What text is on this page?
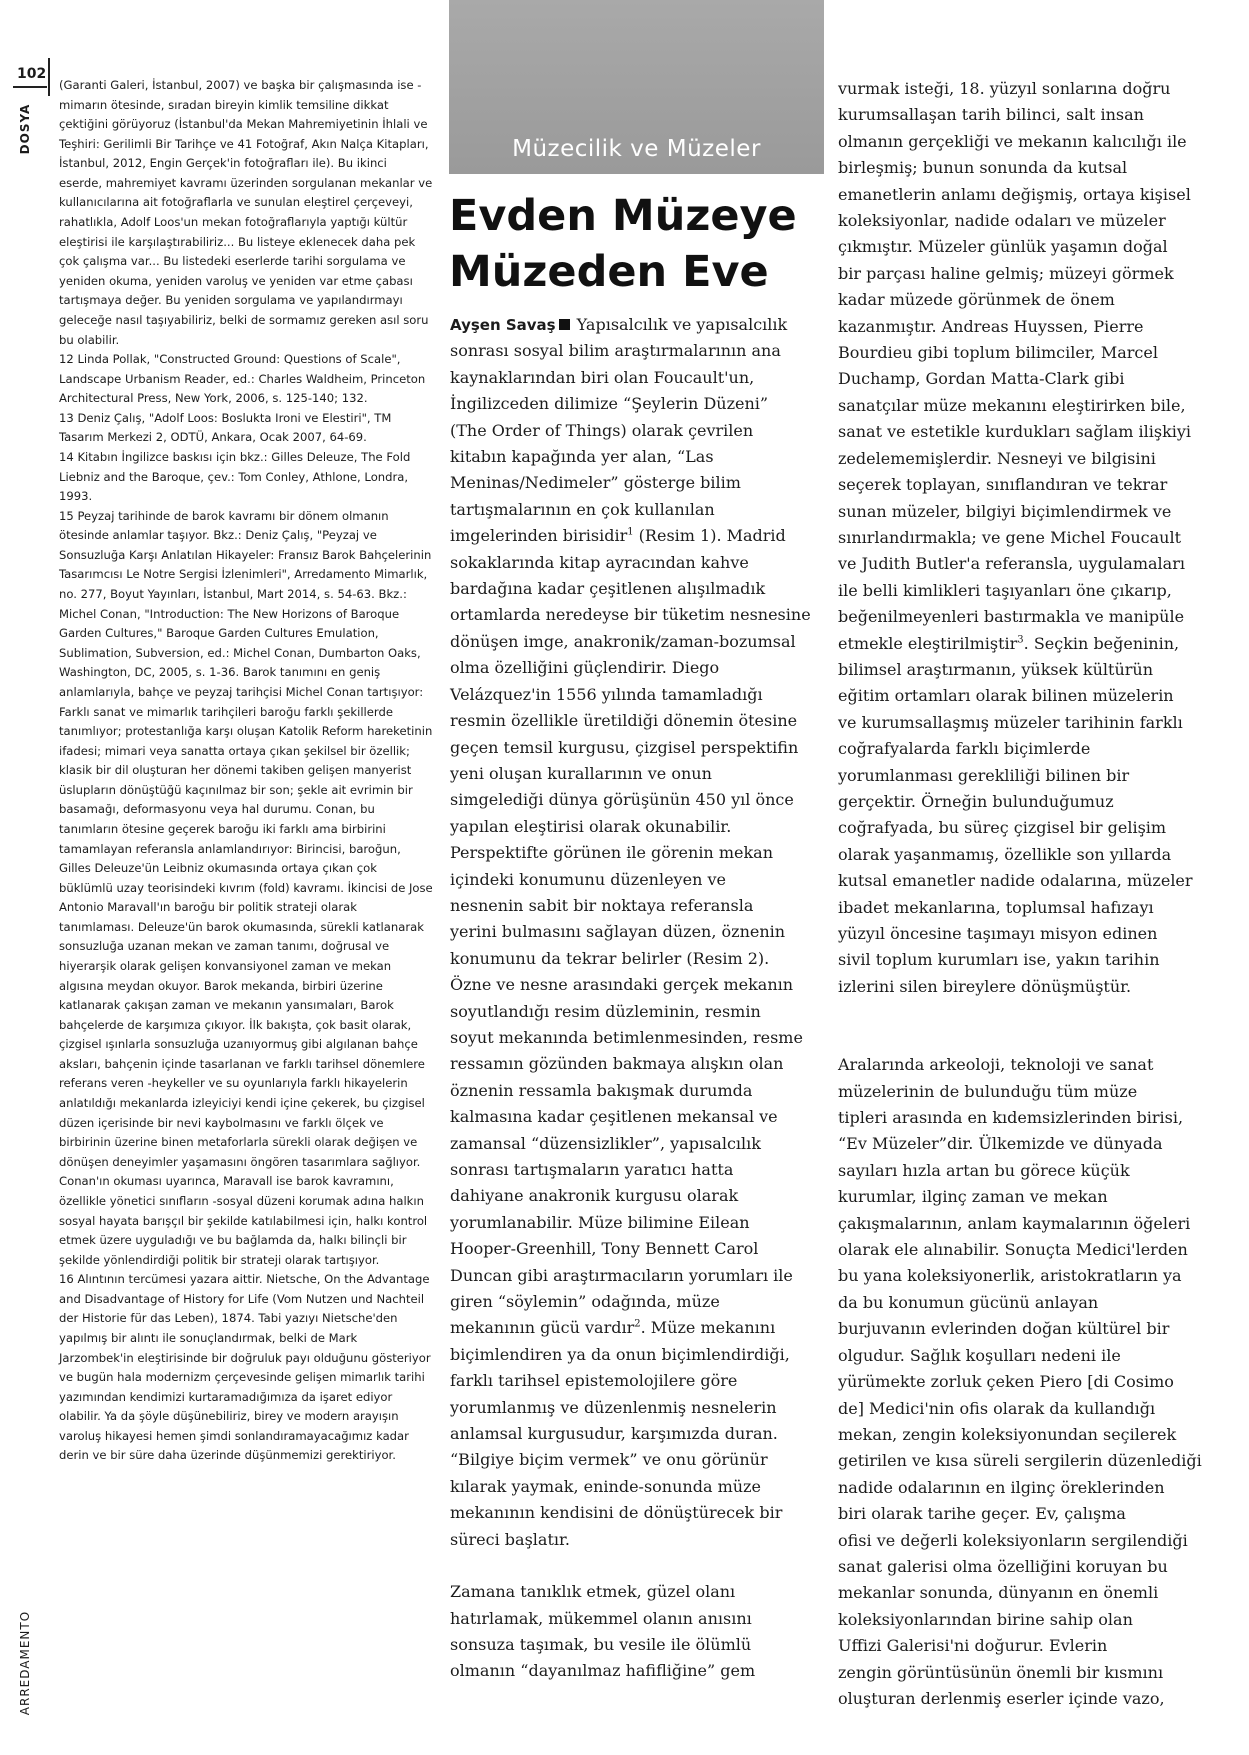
102
DOSYA
ARREDAMENTO

(Garanti Galeri, İstanbul, 2007) ve başka bir çalışmasında ise - mimarın ötesinde, sıradan bireyin kimlik temsiline dikkat çektiğini görüyoruz (İstanbul'da Mekan Mahremiyetinin İhlali ve Teşhiri: Gerilimli Bir Tarihçe ve 41 Fotoğraf, Akın Nalça Kitapları, İstanbul, 2012, Engin Gerçek'in fotoğrafları ile). Bu ikinci eserde, mahremiyet kavramı üzerinden sorgulanan mekanlar ve kullanıcılarına ait fotoğraflarla ve sunulan eleştirel çerçeveyi, rahatlıkla, Adolf Loos'un mekan fotoğraflarıyla yaptığı kültür eleştirisi ile karşılaştırabiliriz... Bu listeye eklenecek daha pek çok çalışma var... Bu listedeki eserlerde tarihi sorgulama ve yeniden okuma, yeniden varoluş ve yeniden var etme çabası tartışmaya değer. Bu yeniden sorgulama ve yapılandırmayı geleceğe nasıl taşıyabiliriz, belki de sormamız gereken asıl soru bu olabilir.

12 Linda Pollak, "Constructed Ground: Questions of Scale", Landscape Urbanism Reader, ed.: Charles Waldheim, Princeton Architectural Press, New York, 2006, s. 125-140; 132.

13 Deniz Çalış, "Adolf Loos: Boslukta Ironi ve Elestiri", TM Tasarım Merkezi 2, ODTÜ, Ankara, Ocak 2007, 64-69.

14 Kitabın İngilizce baskısı için bkz.: Gilles Deleuze, The Fold Liebniz and the Baroque, çev.: Tom Conley, Athlone, Londra, 1993.

15 Peyzaj tarihinde de barok kavramı bir dönem olmanın ötesinde anlamlar taşıyor. Bkz.: Deniz Çalış, "Peyzaj ve Sonsuzluğa Karşı Anlatılan Hikayeler: Fransız Barok Bahçelerinin Tasarımcısı Le Notre Sergisi İzlenimleri", Arredamento Mimarlık, no. 277, Boyut Yayınları, İstanbul, Mart 2014, s. 54-63. Bkz.: Michel Conan, "Introduction: The New Horizons of Baroque Garden Cultures," Baroque Garden Cultures Emulation, Sublimation, Subversion, ed.: Michel Conan, Dumbarton Oaks, Washington, DC, 2005, s. 1-36. Barok tanımını en geniş anlamlarıyla, bahçe ve peyzaj tarihçisi Michel Conan tartışıyor: Farklı sanat ve mimarlık tarihçileri baroğu farklı şekillerde tanımlıyor; protestanlığa karşı oluşan Katolik Reform hareketinin ifadesi; mimari veya sanatta ortaya çıkan şekilsel bir özellik; klasik bir dil oluşturan her dönemi takiben gelişen manyerist üslupların dönüştüğü kaçınılmaz bir son; şekle ait evrimin bir basamağı, deformasyonu veya hal durumu. Conan, bu tanımların ötesine geçerek baroğu iki farklı ama birbirini tamamlayan referansla anlamlandırıyor: Birincisi, baroğun, Gilles Deleuze'ün Leibniz okumasında ortaya çıkan çok büklümlü uzay teorisindeki kıvrım (fold) kavramı. İkincisi de Jose Antonio Maravall'ın baroğu bir politik strateji olarak tanımlaması. Deleuze'ün barok okumasında, sürekli katlanarak sonsuzluğa uzanan mekan ve zaman tanımı, doğrusal ve hiyerarşik olarak gelişen konvansiyonel zaman ve mekan algısına meydan okuyor. Barok mekanda, birbiri üzerine katlanarak çakışan zaman ve mekanın yansımaları, Barok bahçelerde de karşımıza çıkıyor. İlk bakışta, çok basit olarak, çizgisel ışınlarla sonsuzluğa uzanıyormuş gibi algılanan bahçe aksları, bahçenin içinde tasarlanan ve farklı tarihsel dönemlere referans veren -heykeller ve su oyunlarıyla farklı hikayelerin anlatıldığı mekanlarda izleyiciyi kendi içine çekerek, bu çizgisel düzen içerisinde bir nevi kaybolmasını ve farklı ölçek ve birbirinin üzerine binen metaforlarla sürekli olarak değişen ve dönüşen deneyimler yaşamasını öngören tasarımlara sağlıyor. Conan'ın okuması uyarınca, Maravall ise barok kavramını, özellikle yönetici sınıfların -sosyal düzeni korumak adına halkın sosyal hayata barışçıl bir şekilde katılabilmesi için, halkı kontrol etmek üzere uyguladığı ve bu bağlamda da, halkı bilinçli bir şekilde yönlendirdiği politik bir strateji olarak tartışıyor.

16 Alıntının tercümesi yazara aittir. Nietsche, On the Advantage and Disadvantage of History for Life (Vom Nutzen und Nachteil der Historie für das Leben), 1874. Tabi yazıyı Nietsche'den yapılmış bir alıntı ile sonuçlandırmak, belki de Mark Jarzombek'in eleştirisinde bir doğruluk payı olduğunu gösteriyor ve bugün hala modernizm çerçevesinde gelişen mimarlık tarihi yazımından kendimizi kurtaramadığımıza da işaret ediyor olabilir. Ya da şöyle düşünebiliriz, birey ve modern arayışın varoluş hikayesi hemen şimdi sonlandıramayacağımız kadar derin ve bir süre daha üzerinde düşünmemizi gerektiriyor.

Müzecilik ve Müzeler
Evden Müzeye
Müzeden Eve
Ayşen Savaş Yapısalcılık ve yapısalcılık
sonrası sosyal bilim araştırmalarının ana
kaynaklarından biri olan Foucault'un,
İngilizceden dilimize “Şeylerin Düzeni”
(The Order of Things) olarak çevrilen
kitabın kapağında yer alan, “Las
Meninas/Nedimeler” gösterge bilim
tartışmalarının en çok kullanılan
imgelerinden birisidir$^1$ (Resim 1). Madrid
sokaklarında kitap ayracından kahve
bardağına kadar çeşitlenen alışılmadık
ortamlarda neredeyse bir tüketim nesnesine
dönüşen imge, anakronik/zaman-bozumsal
olma özelliğini güçlendirir. Diego
Velázquez'in 1556 yılında tamamladığı
resmin özellikle üretildiği dönemin ötesine
geçen temsil kurgusu, çizgisel perspektifin
yeni oluşan kurallarının ve onun
simgelediği dünya görüşünün 450 yıl önce
yapılan eleştirisi olarak okunabilir.
Perspektifte görünen ile görenin mekan
içindeki konumunu düzenleyen ve
nesnenin sabit bir noktaya referansla
yerini bulmasını sağlayan düzen, öznenin
konumunu da tekrar belirler (Resim 2).
Özne ve nesne arasındaki gerçek mekanın
soyutlandığı resim düzleminin, resmin
soyut mekanında betimlenmesinden, resme
ressamın gözünden bakmaya alışkın olan
öznenin ressamla bakışmak durumda
kalmasına kadar çeşitlenen mekansal ve
zamansal “düzensizlikler”, yapısalcılık
sonrası tartışmaların yaratıcı hatta
dahiyane anakronik kurgusu olarak
yorumlanabilir. Müze bilimine Eilean
Hooper-Greenhill, Tony Bennett Carol
Duncan gibi araştırmacıların yorumları ile
giren “söylemin” odağında, müze
mekanının gücü vardır$^2$. Müze mekanını
biçimlendiren ya da onun biçimlendirdiği,
farklı tarihsel epistemolojilere göre
yorumlanmış ve düzenlenmiş nesnelerin
anlamsal kurgusudur, karşımızda duran.
“Bilgiye biçim vermek” ve onu görünür
kılarak yaymak, eninde-sonunda müze
mekanının kendisini de dönüştürecek bir
süreci başlatır.
Zamana tanıklık etmek, güzel olanı
hatırlamak, mükemmel olanın anısını
sonsuza taşımak, bu vesile ile ölümlü
olmanın “dayanılmaz hafifliğine” gem
vurmak isteği, 18. yüzyıl sonlarına doğru
kurumsallaşan tarih bilinci, salt insan
olmanın gerçekliği ve mekanın kalıcılığı ile
birleşmiş; bunun sonunda da kutsal
emanetlerin anlamı değişmiş, ortaya kişisel
koleksiyonlar, nadide odaları ve müzeler
çıkmıştır. Müzeler günlük yaşamın doğal
bir parçası haline gelmiş; müzeyi görmek
kadar müzede görünmek de önem
kazanmıştır. Andreas Huyssen, Pierre
Bourdieu gibi toplum bilimciler, Marcel
Duchamp, Gordan Matta-Clark gibi
sanatçılar müze mekanını eleştirirken bile,
sanat ve estetikle kurdukları sağlam ilişkiyi
zedelememişlerdir. Nesneyi ve bilgisini
seçerek toplayan, sınıflandıran ve tekrar
sunan müzeler, bilgiyi biçimlendirmek ve
sınırlandırmakla; ve gene Michel Foucault
ve Judith Butler'a referansla, uygulamaları
ile belli kimlikleri taşıyanları öne çıkarıp,
beğenilmeyenleri bastırmakla ve manipüle
etmekle eleştirilmiştir$^3$. Seçkin beğeninin,
bilimsel araştırmanın, yüksek kültürün
eğitim ortamları olarak bilinen müzelerin
ve kurumsallaşmış müzeler tarihinin farklı
coğrafyalarda farklı biçimlerde
yorumlanması gerekliliği bilinen bir
gerçektir. Örneğin bulunduğumuz
coğrafyada, bu süreç çizgisel bir gelişim
olarak yaşanmamış, özellikle son yıllarda
kutsal emanetler nadide odalarına, müzeler
ibadet mekanlarına, toplumsal hafızayı
yüzyıl öncesine taşımayı misyon edinen
sivil toplum kurumları ise, yakın tarihin
izlerini silen bireylere dönüşmüştür.
Aralarında arkeoloji, teknoloji ve sanat
müzelerinin de bulunduğu tüm müze
tipleri arasında en kıdemsizlerinden birisi,
“Ev Müzeler”dir. Ülkemizde ve dünyada
sayıları hızla artan bu görece küçük
kurumlar, ilginç zaman ve mekan
çakışmalarının, anlam kaymalarının öğeleri
olarak ele alınabilir. Sonuçta Medici'lerden
bu yana koleksiyonerlik, aristokratların ya
da bu konumun gücünü anlayan
burjuvanın evlerinden doğan kültürel bir
olgudur. Sağlık koşulları nedeni ile
yürümekte zorluk çeken Piero [di Cosimo
de] Medici'nin ofis olarak da kullandığı
mekan, zengin koleksiyonundan seçilerek
getirilen ve kısa süreli sergilerin düzenlediği
nadide odalarının en ilginç öreklerinden
biri olarak tarihe geçer. Ev, çalışma
ofisi ve değerli koleksiyonların sergilendiği
sanat galerisi olma özelliğini koruyan bu
mekanlar sonunda, dünyanın en önemli
koleksiyonlarından birine sahip olan
Uffizi Galerisi'ni doğurur. Evlerin
zengin görüntüsünün önemli bir kısmını
oluşturan derlenmiş eserler içinde vazo,
